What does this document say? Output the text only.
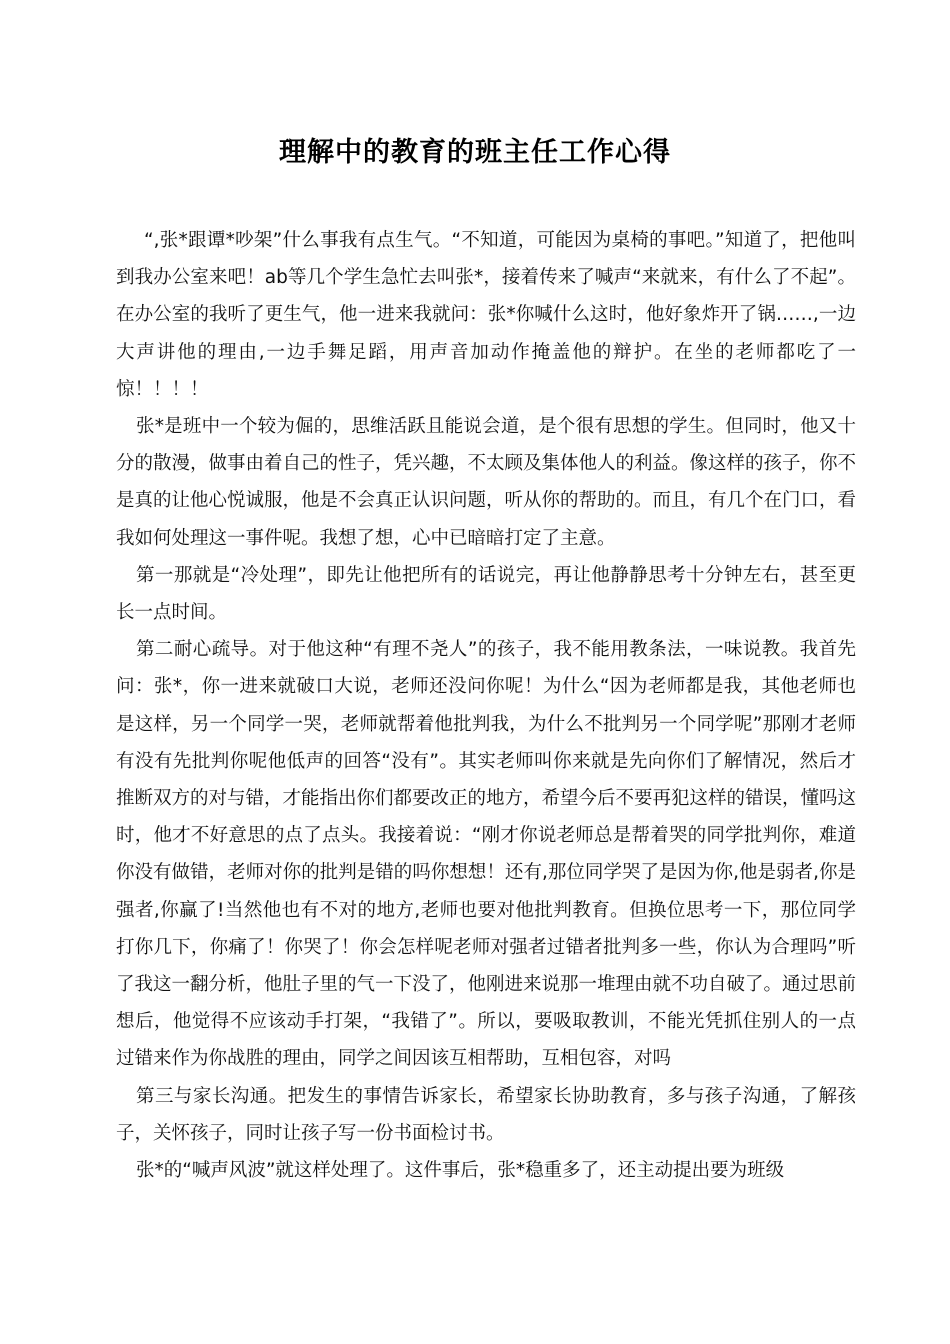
理解中的教育的班主任工作心得

“,张*跟谭*吵架”什么事我有点生气。“不知道，可能因为桌椅的事吧。”知道了，把他叫到我办公室来吧！ab等几个学生急忙去叫张*，接着传来了喊声“来就来，有什么了不起”。在办公室的我听了更生气，他一进来我就问：张*你喊什么这时，他好象炸开了锅……,一边大声讲他的理由,一边手舞足蹈，用声音加动作掩盖他的辩护。在坐的老师都吃了一惊！！！！

张*是班中一个较为倔的，思维活跃且能说会道，是个很有思想的学生。但同时，他又十分的散漫，做事由着自己的性子，凭兴趣，不太顾及集体他人的利益。像这样的孩子，你不是真的让他心悦诚服，他是不会真正认识问题，听从你的帮助的。而且，有几个在门口，看我如何处理这一事件呢。我想了想，心中已暗暗打定了主意。

第一那就是“冷处理”，即先让他把所有的话说完，再让他静静思考十分钟左右，甚至更长一点时间。

第二耐心疏导。对于他这种“有理不尧人”的孩子，我不能用教条法，一味说教。我首先问：张*，你一进来就破口大说，老师还没问你呢！为什么“因为老师都是我，其他老师也是这样，另一个同学一哭，老师就帮着他批判我，为什么不批判另一个同学呢”那刚才老师有没有先批判你呢他低声的回答“没有”。其实老师叫你来就是先向你们了解情况，然后才推断双方的对与错，才能指出你们都要改正的地方，希望今后不要再犯这样的错误，懂吗这时，他才不好意思的点了点头。我接着说：“刚才你说老师总是帮着哭的同学批判你，难道你没有做错，老师对你的批判是错的吗你想想！还有,那位同学哭了是因为你,他是弱者,你是强者,你赢了!当然他也有不对的地方,老师也要对他批判教育。但换位思考一下，那位同学打你几下，你痛了！你哭了！你会怎样呢老师对强者过错者批判多一些，你认为合理吗”听了我这一翻分析，他肚子里的气一下没了，他刚进来说那一堆理由就不功自破了。通过思前想后，他觉得不应该动手打架，“我错了”。所以，要吸取教训，不能光凭抓住别人的一点过错来作为你战胜的理由，同学之间因该互相帮助，互相包容，对吗

第三与家长沟通。把发生的事情告诉家长，希望家长协助教育，多与孩子沟通，了解孩子，关怀孩子，同时让孩子写一份书面检讨书。

张*的“喊声风波”就这样处理了。这件事后，张*稳重多了，还主动提出要为班级
